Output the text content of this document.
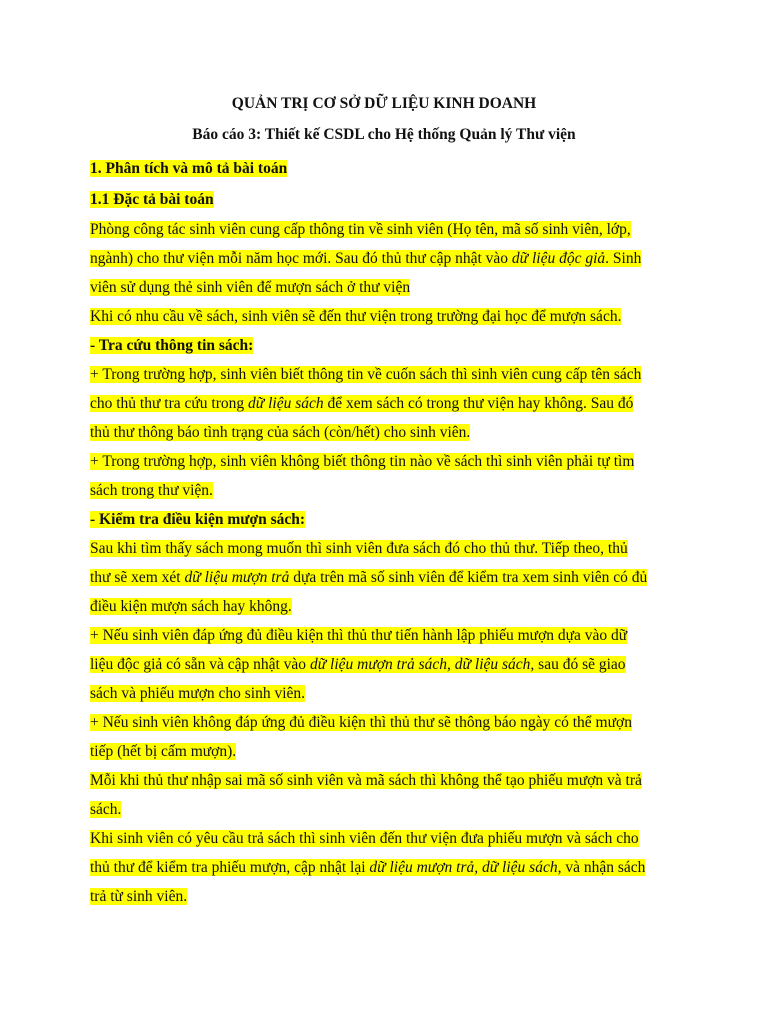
QUẢN TRỊ CƠ SỞ DỮ LIỆU KINH DOANH
Báo cáo 3: Thiết kế CSDL cho Hệ thống Quản lý Thư viện
1. Phân tích và mô tả bài toán
1.1 Đặc tả bài toán
Phòng công tác sinh viên cung cấp thông tin về sinh viên (Họ tên, mã số sinh viên, lớp,
ngành) cho thư viện mỗi năm học mới. Sau đó thủ thư cập nhật vào dữ liệu độc giả. Sinh
viên sử dụng thẻ sinh viên để mượn sách ở thư viện
Khi có nhu cầu về sách, sinh viên sẽ đến thư viện trong trường đại học để mượn sách.
- Tra cứu thông tin sách:
+ Trong trường hợp, sinh viên biết thông tin về cuốn sách thì sinh viên cung cấp tên sách
cho thủ thư tra cứu trong dữ liệu sách để xem sách có trong thư viện hay không. Sau đó
thủ thư thông báo tình trạng của sách (còn/hết) cho sinh viên.
+ Trong trường hợp, sinh viên không biết thông tin nào về sách thì sinh viên phải tự tìm
sách trong thư viện.
- Kiểm tra điều kiện mượn sách:
Sau khi tìm thấy sách mong muốn thì sinh viên đưa sách đó cho thủ thư. Tiếp theo, thủ
thư sẽ xem xét dữ liệu mượn trả dựa trên mã số sinh viên để kiểm tra xem sinh viên có đủ
điều kiện mượn sách hay không.
+ Nếu sinh viên đáp ứng đủ điều kiện thì thủ thư tiến hành lập phiếu mượn dựa vào dữ
liệu độc giả có sẵn và cập nhật vào dữ liệu mượn trả sách, dữ liệu sách, sau đó sẽ giao
sách và phiếu mượn cho sinh viên.
+ Nếu sinh viên không đáp ứng đủ điều kiện thì thủ thư sẽ thông báo ngày có thể mượn
tiếp (hết bị cấm mượn).
Mỗi khi thủ thư nhập sai mã số sinh viên và mã sách thì không thể tạo phiếu mượn và trả
sách.
Khi sinh viên có yêu cầu trả sách thì sinh viên đến thư viện đưa phiếu mượn và sách cho
thủ thư để kiểm tra phiếu mượn, cập nhật lại dữ liệu mượn trả, dữ liệu sách, và nhận sách
trả từ sinh viên.
